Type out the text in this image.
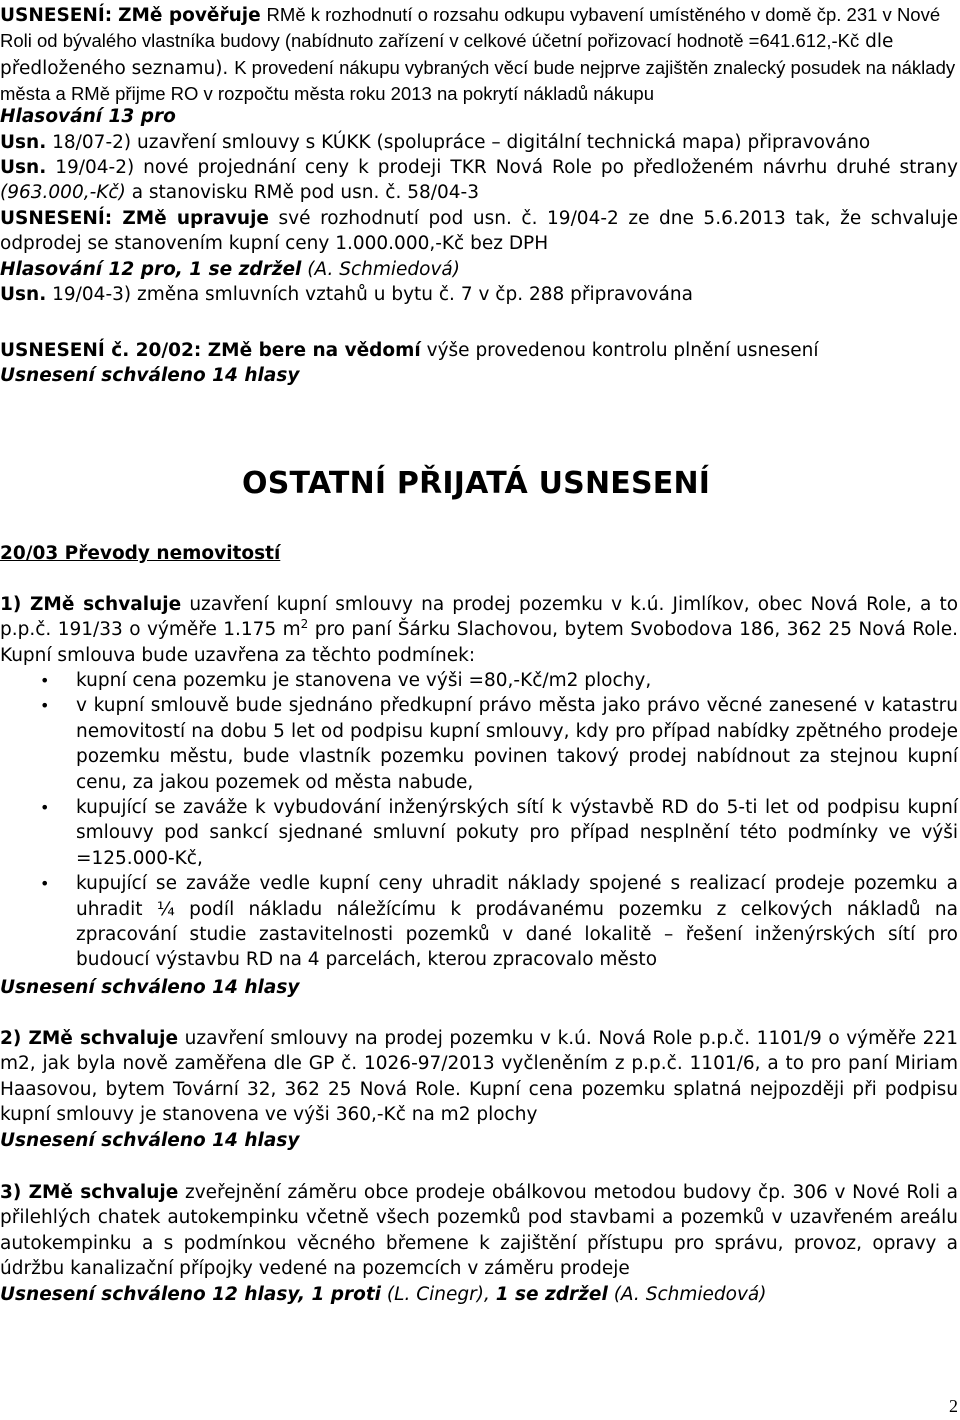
USNESENÍ: ZMě pověřuje RMě k rozhodnutí o rozsahu odkupu vybavení umístěného v domě čp. 231 v Nové Roli od bývalého vlastníka budovy (nabídnuto zařízení v celkové účetní pořizovací hodnotě =641.612,-Kč dle předloženého seznamu). K provedení nákupu vybraných věcí bude nejprve zajištěn znalecký posudek na náklady města a RMě přijme RO v rozpočtu města roku 2013 na pokrytí nákladů nákupu

Hlasování 13 pro

Usn. 18/07-2) uzavření smlouvy s KÚKK (spolupráce – digitální technická mapa) připravováno

Usn. 19/04-2) nové projednání ceny k prodeji TKR Nová Role po předloženém návrhu druhé strany (963.000,-Kč) a stanovisku RMě pod usn. č. 58/04-3

USNESENÍ: ZMě upravuje své rozhodnutí pod usn. č. 19/04-2 ze dne 5.6.2013 tak, že schvaluje odprodej se stanovením kupní ceny 1.000.000,-Kč bez DPH

Hlasování 12 pro, 1 se zdržel (A. Schmiedová)

Usn. 19/04-3) změna smluvních vztahů u bytu č. 7 v čp. 288 připravována

USNESENÍ č. 20/02: ZMě bere na vědomí výše provedenou kontrolu plnění usnesení

Usnesení schváleno 14 hlasy

OSTATNÍ PŘIJATÁ USNESENÍ

20/03 Převody nemovitostí

1) ZMě schvaluje uzavření kupní smlouvy na prodej pozemku v k.ú. Jimlíkov, obec Nová Role, a to p.p.č. 191/33 o výměře 1.175 $m^2$ pro paní Šárku Slachovou, bytem Svobodova 186, 362 25 Nová Role. Kupní smlouva bude uzavřena za těchto podmínek:

• kupní cena pozemku je stanovena ve výši =80,-Kč/m2 plochy,
• v kupní smlouvě bude sjednáno předkupní právo města jako právo věcné zanesené v katastru nemovitostí na dobu 5 let od podpisu kupní smlouvy, kdy pro případ nabídky zpětného prodeje pozemku městu, bude vlastník pozemku povinen takový prodej nabídnout za stejnou kupní cenu, za jakou pozemek od města nabude,
• kupující se zaváže k vybudování inženýrských sítí k výstavbě RD do 5-ti let od podpisu kupní smlouvy pod sankcí sjednané smluvní pokuty pro případ nesplnění této podmínky ve výši =125.000-Kč,
• kupující se zaváže vedle kupní ceny uhradit náklady spojené s realizací prodeje pozemku a uhradit ¼ podíl nákladu náležícímu k prodávanému pozemku z celkových nákladů na zpracování studie zastavitelnosti pozemků v dané lokalitě – řešení inženýrských sítí pro budoucí výstavbu RD na 4 parcelách, kterou zpracovalo město

Usnesení schváleno 14 hlasy

2) ZMě schvaluje uzavření smlouvy na prodej pozemku v k.ú. Nová Role p.p.č. 1101/9 o výměře 221 m2, jak byla nově zaměřena dle GP č. 1026-97/2013 vyčleněním z p.p.č. 1101/6, a to pro paní Miriam Haasovou, bytem Tovární 32, 362 25 Nová Role. Kupní cena pozemku splatná nejpozději při podpisu kupní smlouvy je stanovena ve výši 360,-Kč na m2 plochy

Usnesení schváleno 14 hlasy

3) ZMě schvaluje zveřejnění záměru obce prodeje obálkovou metodou budovy čp. 306 v Nové Roli a přilehlých chatek autokempinku včetně všech pozemků pod stavbami a pozemků v uzavřeném areálu autokempinku a s podmínkou věcného břemene k zajištění přístupu pro správu, provoz, opravy a údržbu kanalizační přípojky vedené na pozemcích v záměru prodeje

Usnesení schváleno 12 hlasy, 1 proti (L. Cinegr), 1 se zdržel (A. Schmiedová)

2
